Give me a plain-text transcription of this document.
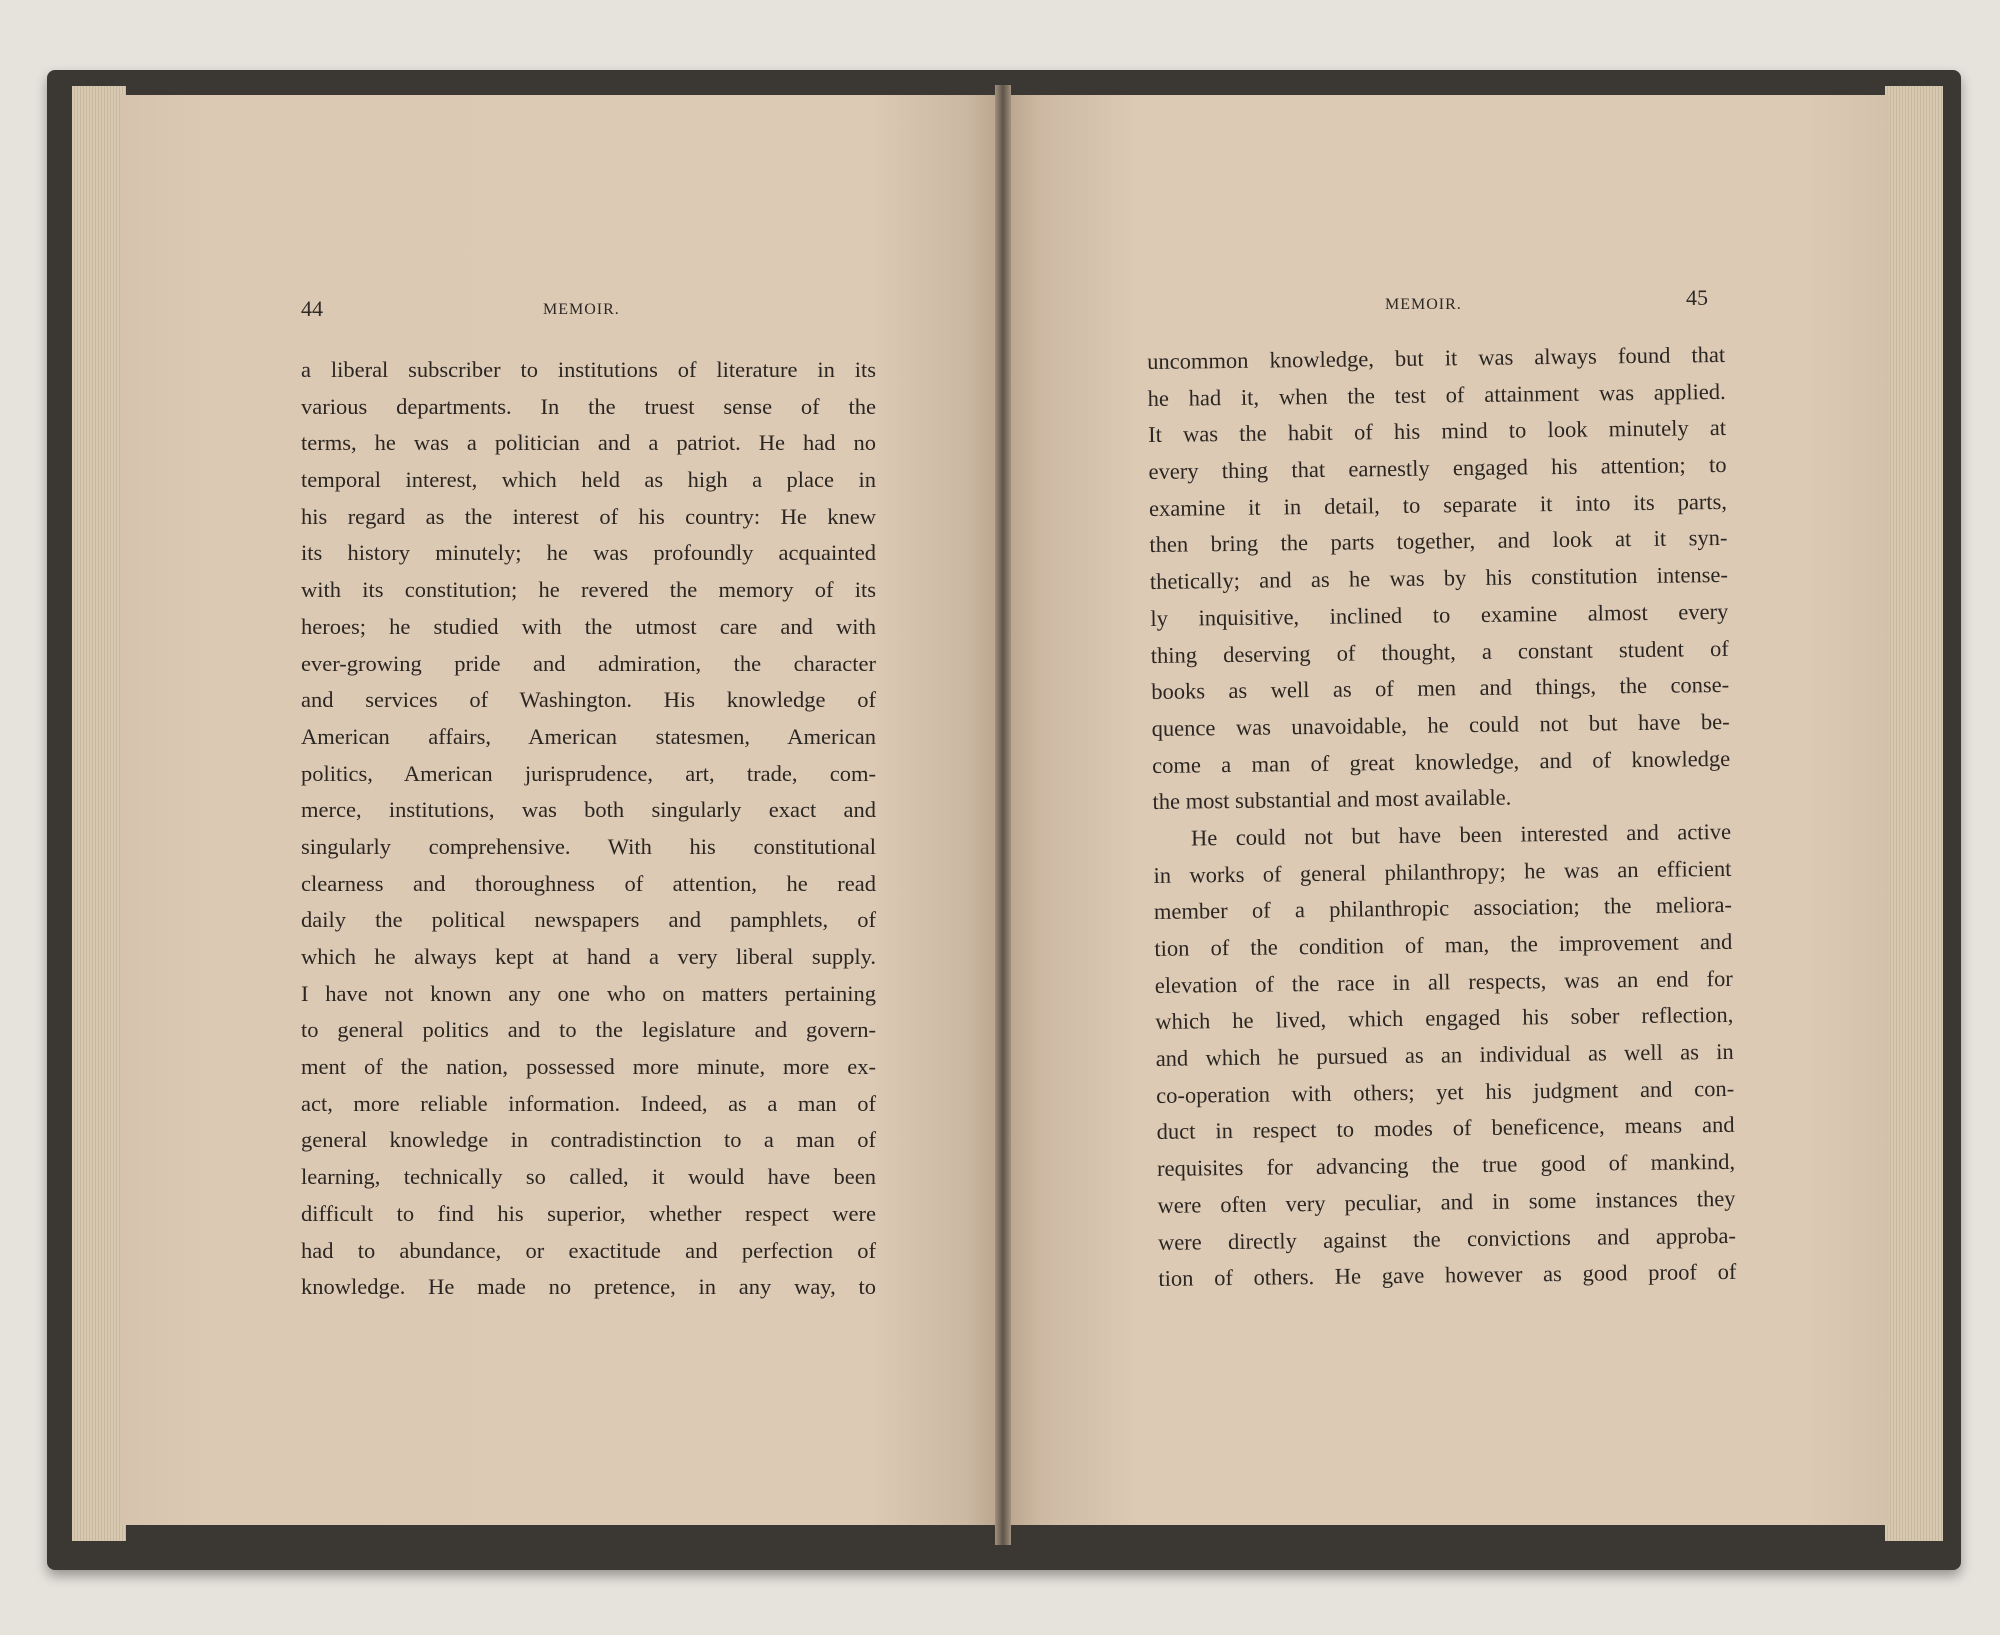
44	MEMOIR.	MEMOIR.	45
a liberal subscriber to institutions of literature in its
various departments. In the truest sense of the
terms, he was a politician and a patriot. He had no
temporal interest, which held as high a place in
his regard as the interest of his country: He knew
its history minutely; he was profoundly acquainted
with its constitution; he revered the memory of its
heroes; he studied with the utmost care and with
ever-growing pride and admiration, the character
and services of Washington. His knowledge of
American affairs, American statesmen, American
politics, American jurisprudence, art, trade, com-
merce, institutions, was both singularly exact and
singularly comprehensive. With his constitutional
clearness and thoroughness of attention, he read
daily the political newspapers and pamphlets, of
which he always kept at hand a very liberal supply.
I have not known any one who on matters pertaining
to general politics and to the legislature and govern-
ment of the nation, possessed more minute, more ex-
act, more reliable information. Indeed, as a man of
general knowledge in contradistinction to a man of
learning, technically so called, it would have been
difficult to find his superior, whether respect were
had to abundance, or exactitude and perfection of
knowledge. He made no pretence, in any way, to
uncommon knowledge, but it was always found that
he had it, when the test of attainment was applied.
It was the habit of his mind to look minutely at
every thing that earnestly engaged his attention; to
examine it in detail, to separate it into its parts,
then bring the parts together, and look at it syn-
thetically; and as he was by his constitution intense-
ly inquisitive, inclined to examine almost every
thing deserving of thought, a constant student of
books as well as of men and things, the conse-
quence was unavoidable, he could not but have be-
come a man of great knowledge, and of knowledge
the most substantial and most available.
He could not but have been interested and active
in works of general philanthropy; he was an efficient
member of a philanthropic association; the meliora-
tion of the condition of man, the improvement and
elevation of the race in all respects, was an end for
which he lived, which engaged his sober reflection,
and which he pursued as an individual as well as in
co-operation with others; yet his judgment and con-
duct in respect to modes of beneficence, means and
requisites for advancing the true good of mankind,
were often very peculiar, and in some instances they
were directly against the convictions and approba-
tion of others. He gave however as good proof of
